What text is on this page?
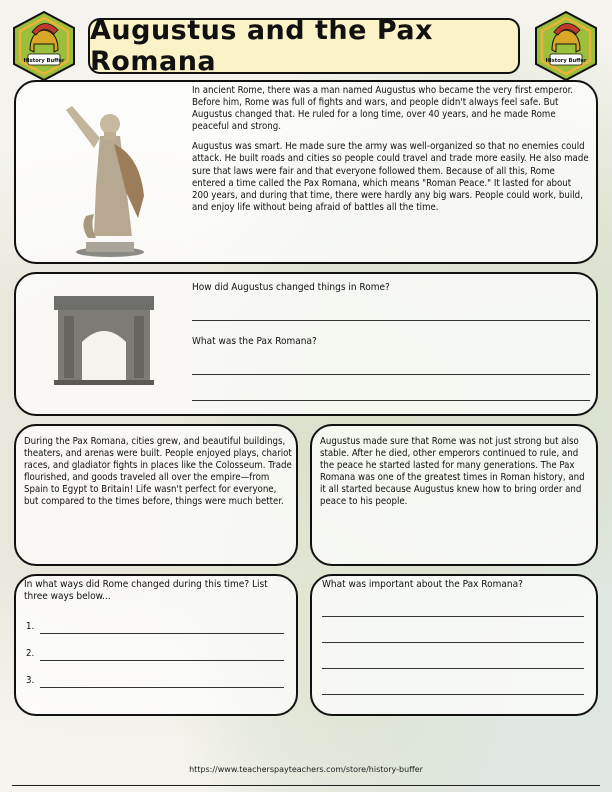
History Buffer	History Buffer
Augustus and the Pax Romana

In ancient Rome, there was a man named Augustus who became the very first emperor. Before him, Rome was full of fights and wars, and people didn't always feel safe. But Augustus changed that. He ruled for a long time, over 40 years, and he made Rome peaceful and strong.

Augustus was smart. He made sure the army was well-organized so that no enemies could attack. He built roads and cities so people could travel and trade more easily. He also made sure that laws were fair and that everyone followed them. Because of all this, Rome entered a time called the Pax Romana, which means "Roman Peace." It lasted for about 200 years, and during that time, there were hardly any big wars. People could work, build, and enjoy life without being afraid of battles all the time.

How did Augustus changed things in Rome?

What was the Pax Romana?

During the Pax Romana, cities grew, and beautiful buildings, theaters, and arenas were built. People enjoyed plays, chariot races, and gladiator fights in places like the Colosseum. Trade flourished, and goods traveled all over the empire—from Spain to Egypt to Britain! Life wasn't perfect for everyone, but compared to the times before, things were much better.

Augustus made sure that Rome was not just strong but also stable. After he died, other emperors continued to rule, and the peace he started lasted for many generations. The Pax Romana was one of the greatest times in Roman history, and it all started because Augustus knew how to bring order and peace to his people.

In what ways did Rome changed during this time? List three ways below...

1.
2.
3.

What was important about the Pax Romana?

https://www.teacherspayteachers.com/store/history-buffer
